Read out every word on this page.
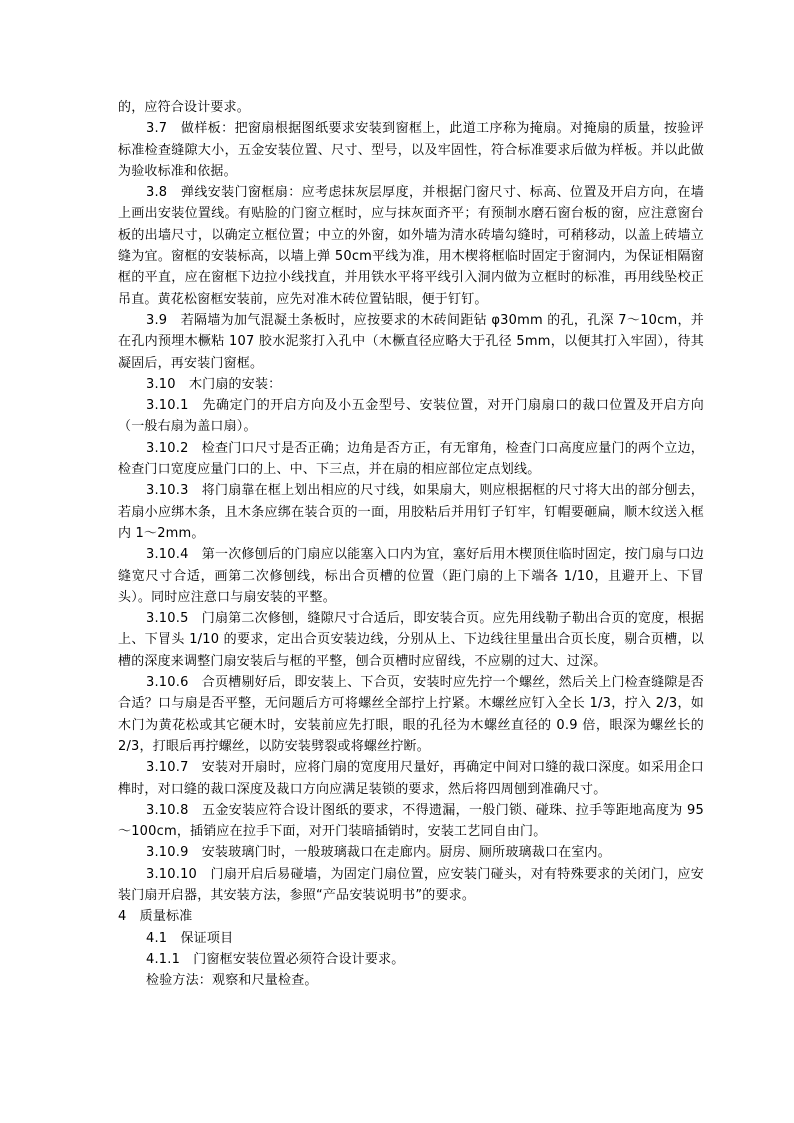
的，应符合设计要求。

3.7　做样板：把窗扇根据图纸要求安装到窗框上，此道工序称为掩扇。对掩扇的质量，按验评标准检查缝隙大小，五金安装位置、尺寸、型号，以及牢固性，符合标准要求后做为样板。并以此做为验收标准和依据。

3.8　弹线安装门窗框扇：应考虑抹灰层厚度，并根据门窗尺寸、标高、位置及开启方向，在墙上画出安装位置线。有贴脸的门窗立框时，应与抹灰面齐平；有预制水磨石窗台板的窗，应注意窗台板的出墙尺寸，以确定立框位置；中立的外窗，如外墙为清水砖墙勾缝时，可稍移动，以盖上砖墙立缝为宜。窗框的安装标高，以墙上弹 50cm平线为准，用木楔将框临时固定于窗洞内，为保证相隔窗框的平直，应在窗框下边拉小线找直，并用铁水平将平线引入洞内做为立框时的标准，再用线坠校正吊直。黄花松窗框安装前，应先对准木砖位置钻眼，便于钉钉。

3.9　若隔墙为加气混凝土条板时，应按要求的木砖间距钻 φ30mm 的孔，孔深 7～10cm，并在孔内预埋木橛粘 107 胶水泥浆打入孔中（木橛直径应略大于孔径 5mm，以便其打入牢固），待其凝固后，再安装门窗框。

3.10　木门扇的安装：

3.10.1　先确定门的开启方向及小五金型号、安装位置，对开门扇扇口的裁口位置及开启方向（一般右扇为盖口扇）。

3.10.2　检查门口尺寸是否正确；边角是否方正，有无窜角，检查门口高度应量门的两个立边，检查门口宽度应量门口的上、中、下三点，并在扇的相应部位定点划线。

3.10.3　将门扇靠在框上划出相应的尺寸线，如果扇大，则应根据框的尺寸将大出的部分刨去，若扇小应绑木条，且木条应绑在装合页的一面，用胶粘后并用钉子钉牢，钉帽要砸扁，顺木纹送入框内 1～2mm。

3.10.4　第一次修刨后的门扇应以能塞入口内为宜，塞好后用木楔顶住临时固定，按门扇与口边缝宽尺寸合适，画第二次修刨线，标出合页槽的位置（距门扇的上下端各 1/10，且避开上、下冒头）。同时应注意口与扇安装的平整。

3.10.5　门扇第二次修刨，缝隙尺寸合适后，即安装合页。应先用线勒子勒出合页的宽度，根据上、下冒头 1/10 的要求，定出合页安装边线，分别从上、下边线往里量出合页长度，剔合页槽，以槽的深度来调整门扇安装后与框的平整，刨合页槽时应留线，不应剔的过大、过深。

3.10.6　合页槽剔好后，即安装上、下合页，安装时应先拧一个螺丝，然后关上门检查缝隙是否合适？口与扇是否平整，无问题后方可将螺丝全部拧上拧紧。木螺丝应钉入全长 1/3，拧入 2/3，如木门为黄花松或其它硬木时，安装前应先打眼，眼的孔径为木螺丝直径的 0.9 倍，眼深为螺丝长的 2/3，打眼后再拧螺丝，以防安装劈裂或将螺丝拧断。

3.10.7　安装对开扇时，应将门扇的宽度用尺量好，再确定中间对口缝的裁口深度。如采用企口榫时，对口缝的裁口深度及裁口方向应满足装锁的要求，然后将四周刨到准确尺寸。

3.10.8　五金安装应符合设计图纸的要求，不得遗漏，一般门锁、碰珠、拉手等距地高度为 95～100cm，插销应在拉手下面，对开门装暗插销时，安装工艺同自由门。

3.10.9　安装玻璃门时，一般玻璃裁口在走廊内。厨房、厕所玻璃裁口在室内。

3.10.10　门扇开启后易碰墙，为固定门扇位置，应安装门碰头，对有特殊要求的关闭门，应安装门扇开启器，其安装方法，参照“产品安装说明书”的要求。

4　质量标准

4.1　保证项目

4.1.1　门窗框安装位置必须符合设计要求。

检验方法：观察和尺量检查。
